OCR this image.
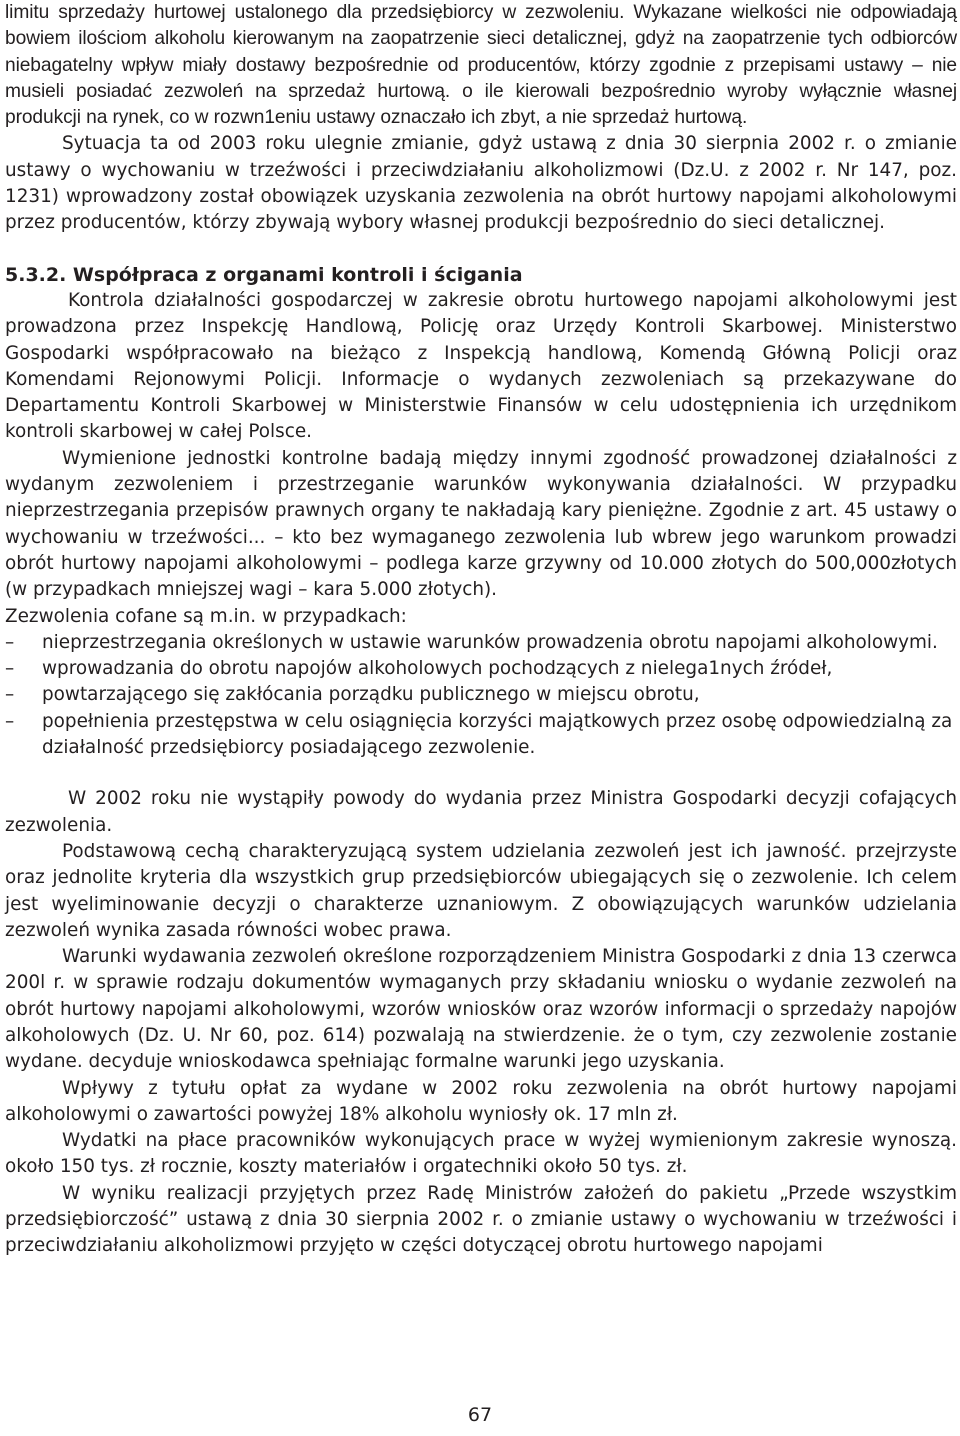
limitu sprzedaży hurtowej ustalonego dla przedsiębiorcy w zezwoleniu. Wykazane wielkości nie odpowiadają bowiem ilościom alkoholu kierowanym na zaopatrzenie sieci detalicznej, gdyż na zaopatrzenie tych odbiorców niebagatelny wpływ miały dostawy bezpośrednie od producentów, którzy zgodnie z przepisami ustawy – nie musieli posiadać zezwoleń na sprzedaż hurtową. o ile kierowali bezpośrednio wyroby wyłącznie własnej produkcji na rynek, co w rozwn1eniu ustawy oznaczało ich zbyt, a nie sprzedaż hurtową.

Sytuacja ta od 2003 roku ulegnie zmianie, gdyż ustawą z dnia 30 sierpnia 2002 r. o zmianie ustawy o wychowaniu w trzeźwości i przeciwdziałaniu alkoholizmowi (Dz.U. z 2002 r. Nr 147, poz. 1231) wprowadzony został obowiązek uzyskania zezwolenia na obrót hurtowy napojami alkoholowymi przez producentów, którzy zbywają wybory własnej produkcji bezpośrednio do sieci detalicznej.

5.3.2. Współpraca z organami kontroli i ścigania

Kontrola działalności gospodarczej w zakresie obrotu hurtowego napojami alkoholowymi jest prowadzona przez Inspekcję Handlową, Policję oraz Urzędy Kontroli Skarbowej. Ministerstwo Gospodarki współpracowało na bieżąco z Inspekcją handlową, Komendą Główną Policji oraz Komendami Rejonowymi Policji. Informacje o wydanych zezwoleniach są przekazywane do Departamentu Kontroli Skarbowej w Ministerstwie Finansów w celu udostępnienia ich urzędnikom kontroli skarbowej w całej Polsce.

Wymienione jednostki kontrolne badają między innymi zgodność prowadzonej działalności z wydanym zezwoleniem i przestrzeganie warunków wykonywania działalności. W przypadku nieprzestrzegania przepisów prawnych organy te nakładają kary pieniężne. Zgodnie z art. 45 ustawy o wychowaniu w trzeźwości... – kto bez wymaganego zezwolenia lub wbrew jego warunkom prowadzi obrót hurtowy napojami alkoholowymi – podlega karze grzywny od 10.000 złotych do 500,000złotych (w przypadkach mniejszej wagi – kara 5.000 złotych).

Zezwolenia cofane są m.in. w przypadkach:

– nieprzestrzegania określonych w ustawie warunków prowadzenia obrotu napojami alkoholowymi.
– wprowadzania do obrotu napojów alkoholowych pochodzących z nielega1nych źródeł,
– powtarzającego się zakłócania porządku publicznego w miejscu obrotu,
– popełnienia przestępstwa w celu osiągnięcia korzyści majątkowych przez osobę odpowiedzialną za działalność przedsiębiorcy posiadającego zezwolenie.

W 2002 roku nie wystąpiły powody do wydania przez Ministra Gospodarki decyzji cofających zezwolenia.

Podstawową cechą charakteryzującą system udzielania zezwoleń jest ich jawność. przejrzyste oraz jednolite kryteria dla wszystkich grup przedsiębiorców ubiegających się o zezwolenie. Ich celem jest wyeliminowanie decyzji o charakterze uznaniowym. Z obowiązujących warunków udzielania zezwoleń wynika zasada równości wobec prawa.

Warunki wydawania zezwoleń określone rozporządzeniem Ministra Gospodarki z dnia 13 czerwca 200l r. w sprawie rodzaju dokumentów wymaganych przy składaniu wniosku o wydanie zezwoleń na obrót hurtowy napojami alkoholowymi, wzorów wniosków oraz wzorów informacji o sprzedaży napojów alkoholowych (Dz. U. Nr 60, poz. 614) pozwalają na stwierdzenie. że o tym, czy zezwolenie zostanie wydane. decyduje wnioskodawca spełniając formalne warunki jego uzyskania.

Wpływy z tytułu opłat za wydane w 2002 roku zezwolenia na obrót hurtowy napojami alkoholowymi o zawartości powyżej 18% alkoholu wyniosły ok. 17 mln zł.

Wydatki na płace pracowników wykonujących prace w wyżej wymienionym zakresie wynoszą. około 150 tys. zł rocznie, koszty materiałów i orgatechniki około 50 tys. zł.

W wyniku realizacji przyjętych przez Radę Ministrów założeń do pakietu „Przede wszystkim przedsiębiorczość” ustawą z dnia 30 sierpnia 2002 r. o zmianie ustawy o wychowaniu w trzeźwości i przeciwdziałaniu alkoholizmowi przyjęto w części dotyczącej obrotu hurtowego napojami

67
